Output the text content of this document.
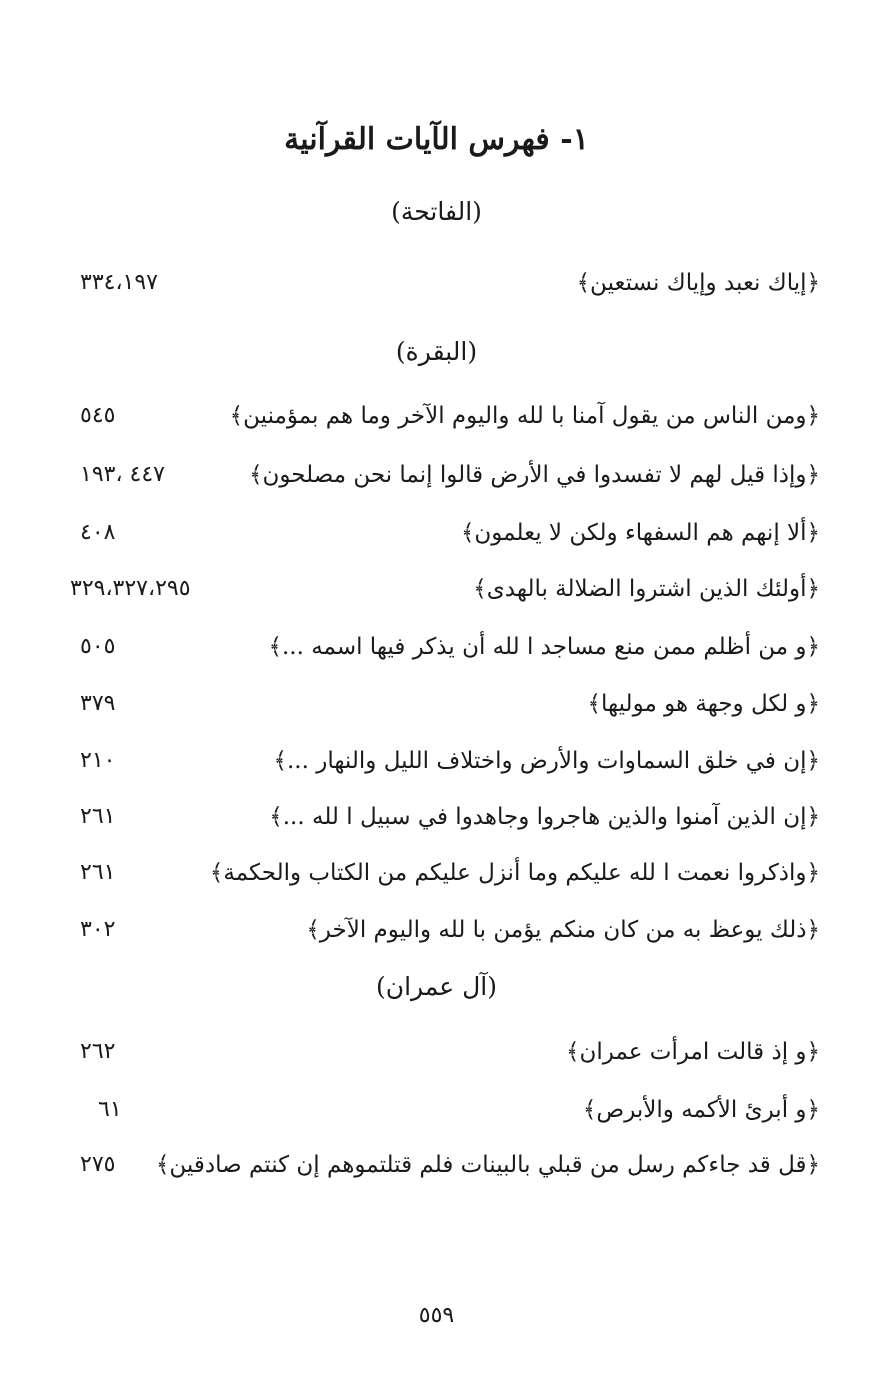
١- فهرس الآيات القرآنية
(الفاتحة)
﴿إياك نعبد وإياك نستعين﴾
٣٣٤،١٩٧
(البقرة)
﴿ومن الناس من يقول آمنا با لله واليوم الآخر وما هم بمؤمنين﴾
٥٤٥
﴿وإذا قيل لهم لا تفسدوا في الأرض قالوا إنما نحن مصلحون﴾
٤٤٧ ،١٩٣
﴿ألا إنهم هم السفهاء ولكن لا يعلمون﴾
٤٠٨
﴿أولئك الذين اشتروا الضلالة بالهدى﴾
٣٢٩،٣٢٧،٢٩٥
﴿و من أظلم ممن منع مساجد ا لله أن يذكر فيها اسمه ...﴾
٥٠٥
﴿و لكل وجهة هو موليها﴾
٣٧٩
﴿إن في خلق السماوات والأرض واختلاف الليل والنهار ...﴾
٢١٠
﴿إن الذين آمنوا والذين هاجروا وجاهدوا في سبيل ا لله ...﴾
٢٦١
﴿واذكروا نعمت ا لله عليكم وما أنزل عليكم من الكتاب والحكمة﴾
٢٦١
﴿ذلك يوعظ به من كان منكم يؤمن با لله واليوم الآخر﴾
٣٠٢
(آل عمران)
﴿و إذ قالت امرأت عمران﴾
٢٦٢
﴿و أبرئ الأكمه والأبرص﴾
٦١
﴿قل قد جاءكم رسل من قبلي بالبينات فلم قتلتموهم إن كنتم صادقين﴾
٢٧٥
٥٥٩
